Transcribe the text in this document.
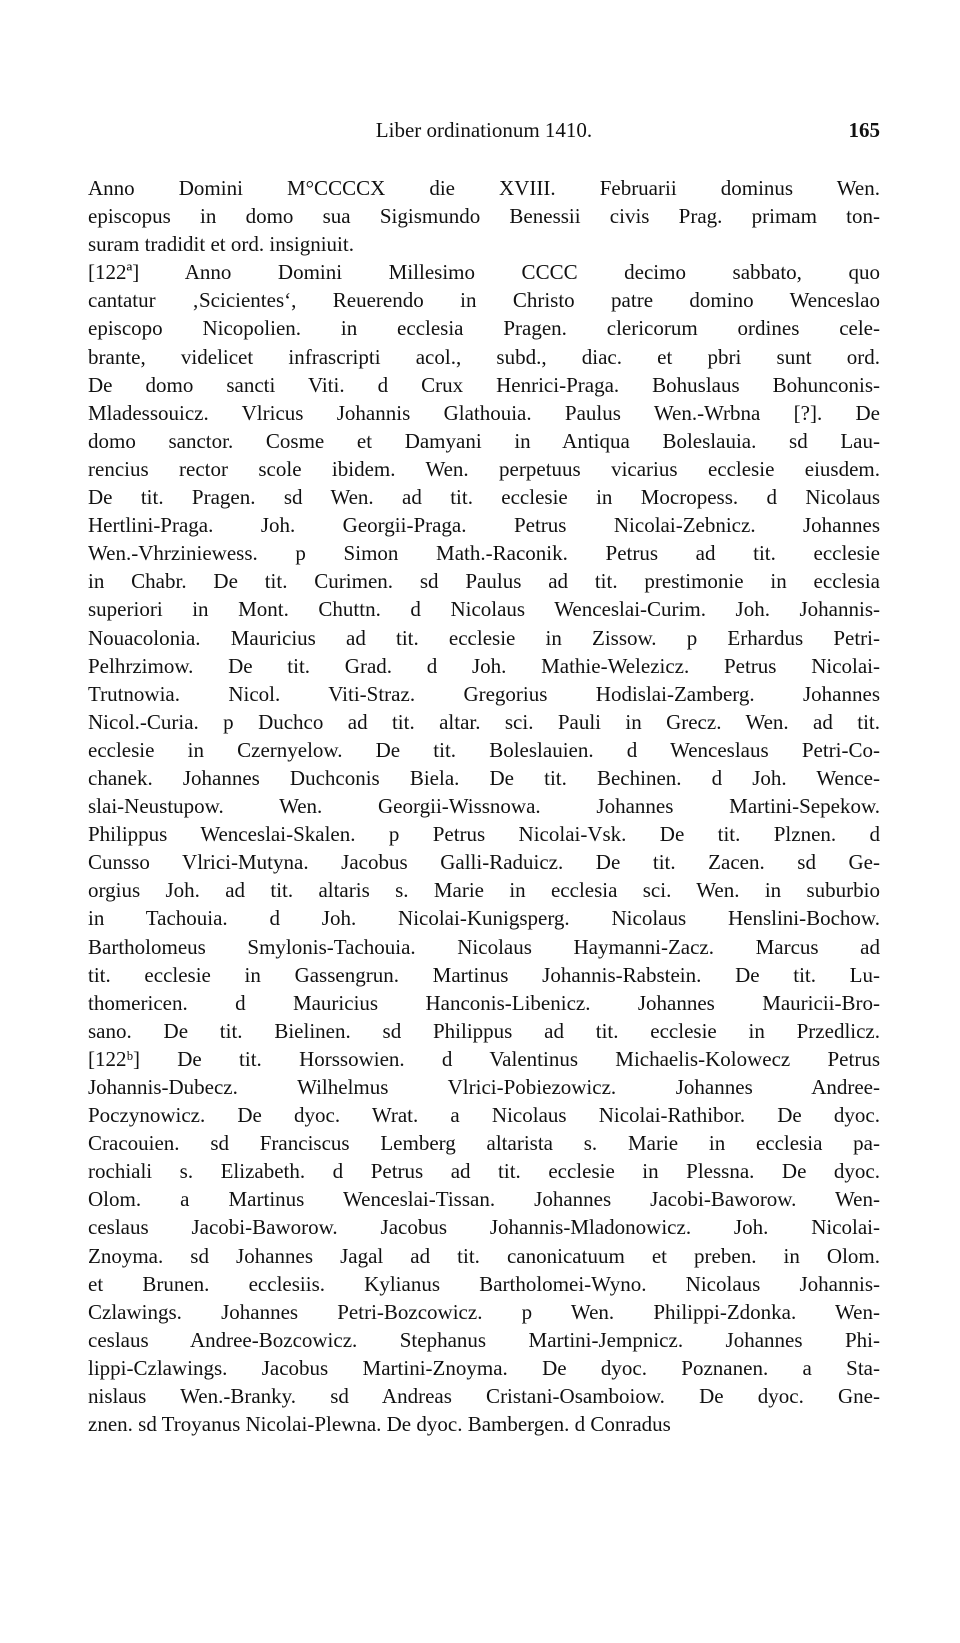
Liber ordinationum 1410.	165
Anno Domini M°CCCCX die XVIII. Februarii dominus Wen.
episcopus in domo sua Sigismundo Benessii civis Prag. primam ton-
suram tradidit et ord. insigniuit.
[122ª] Anno Domini Millesimo CCCC decimo sabbato, quo
cantatur ‚Scicientes‘, Reuerendo in Christo patre domino Wenceslao
episcopo Nicopolien. in ecclesia Pragen. clericorum ordines cele-
brante, videlicet infrascripti acol., subd., diac. et pbri sunt ord.
De domo sancti Viti. d Crux Henrici-Praga. Bohuslaus Bohunconis-
Mladessouicz. Vlricus Johannis Glathouia. Paulus Wen.-Wrbna [?]. De
domo sanctor. Cosme et Damyani in Antiqua Boleslauia. sd Lau-
rencius rector scole ibidem. Wen. perpetuus vicarius ecclesie eiusdem.
De tit. Pragen. sd Wen. ad tit. ecclesie in Mocropess. d Nicolaus
Hertlini-Praga. Joh. Georgii-Praga. Petrus Nicolai-Zebnicz. Johannes
Wen.-Vhrziniewess. p Simon Math.-Raconik. Petrus ad tit. ecclesie
in Chabr. De tit. Curimen. sd Paulus ad tit. prestimonie in ecclesia
superiori in Mont. Chuttn. d Nicolaus Wenceslai-Curim. Joh. Johannis-
Nouacolonia. Mauricius ad tit. ecclesie in Zissow. p Erhardus Petri-
Pelhrzimow. De tit. Grad. d Joh. Mathie-Welezicz. Petrus Nicolai-
Trutnowia. Nicol. Viti-Straz. Gregorius Hodislai-Zamberg. Johannes
Nicol.-Curia. p Duchco ad tit. altar. sci. Pauli in Grecz. Wen. ad tit.
ecclesie in Czernyelow. De tit. Boleslauien. d Wenceslaus Petri-Co-
chanek. Johannes Duchconis Biela. De tit. Bechinen. d Joh. Wence-
slai-Neustupow. Wen. Georgii-Wissnowa. Johannes Martini-Sepekow.
Philippus Wenceslai-Skalen. p Petrus Nicolai-Vsk. De tit. Plznen. d
Cunsso Vlrici-Mutyna. Jacobus Galli-Raduicz. De tit. Zacen. sd Ge-
orgius Joh. ad tit. altaris s. Marie in ecclesia sci. Wen. in suburbio
in Tachouia. d Joh. Nicolai-Kunigsperg. Nicolaus Henslini-Bochow.
Bartholomeus Smylonis-Tachouia. Nicolaus Haymanni-Zacz. Marcus ad
tit. ecclesie in Gassengrun. Martinus Johannis-Rabstein. De tit. Lu-
thomericen. d Mauricius Hanconis-Libenicz. Johannes Mauricii-Bro-
sano. De tit. Bielinen. sd Philippus ad tit. ecclesie in Przedlicz.
[122ᵇ] De tit. Horssowien. d Valentinus Michaelis-Kolowecz Petrus
Johannis-Dubecz. Wilhelmus Vlrici-Pobiezowicz. Johannes Andree-
Poczynowicz. De dyoc. Wrat. a Nicolaus Nicolai-Rathibor. De dyoc.
Cracouien. sd Franciscus Lemberg altarista s. Marie in ecclesia pa-
rochiali s. Elizabeth. d Petrus ad tit. ecclesie in Plessna. De dyoc.
Olom. a Martinus Wenceslai-Tissan. Johannes Jacobi-Baworow. Wen-
ceslaus Jacobi-Baworow. Jacobus Johannis-Mladonowicz. Joh. Nicolai-
Znoyma. sd Johannes Jagal ad tit. canonicatuum et preben. in Olom.
et Brunen. ecclesiis. Kylianus Bartholomei-Wyno. Nicolaus Johannis-
Czlawings. Johannes Petri-Bozcowicz. p Wen. Philippi-Zdonka. Wen-
ceslaus Andree-Bozcowicz. Stephanus Martini-Jempnicz. Johannes Phi-
lippi-Czlawings. Jacobus Martini-Znoyma. De dyoc. Poznanen. a Sta-
nislaus Wen.-Branky. sd Andreas Cristani-Osamboiow. De dyoc. Gne-
znen. sd Troyanus Nicolai-Plewna. De dyoc. Bambergen. d Conradus
